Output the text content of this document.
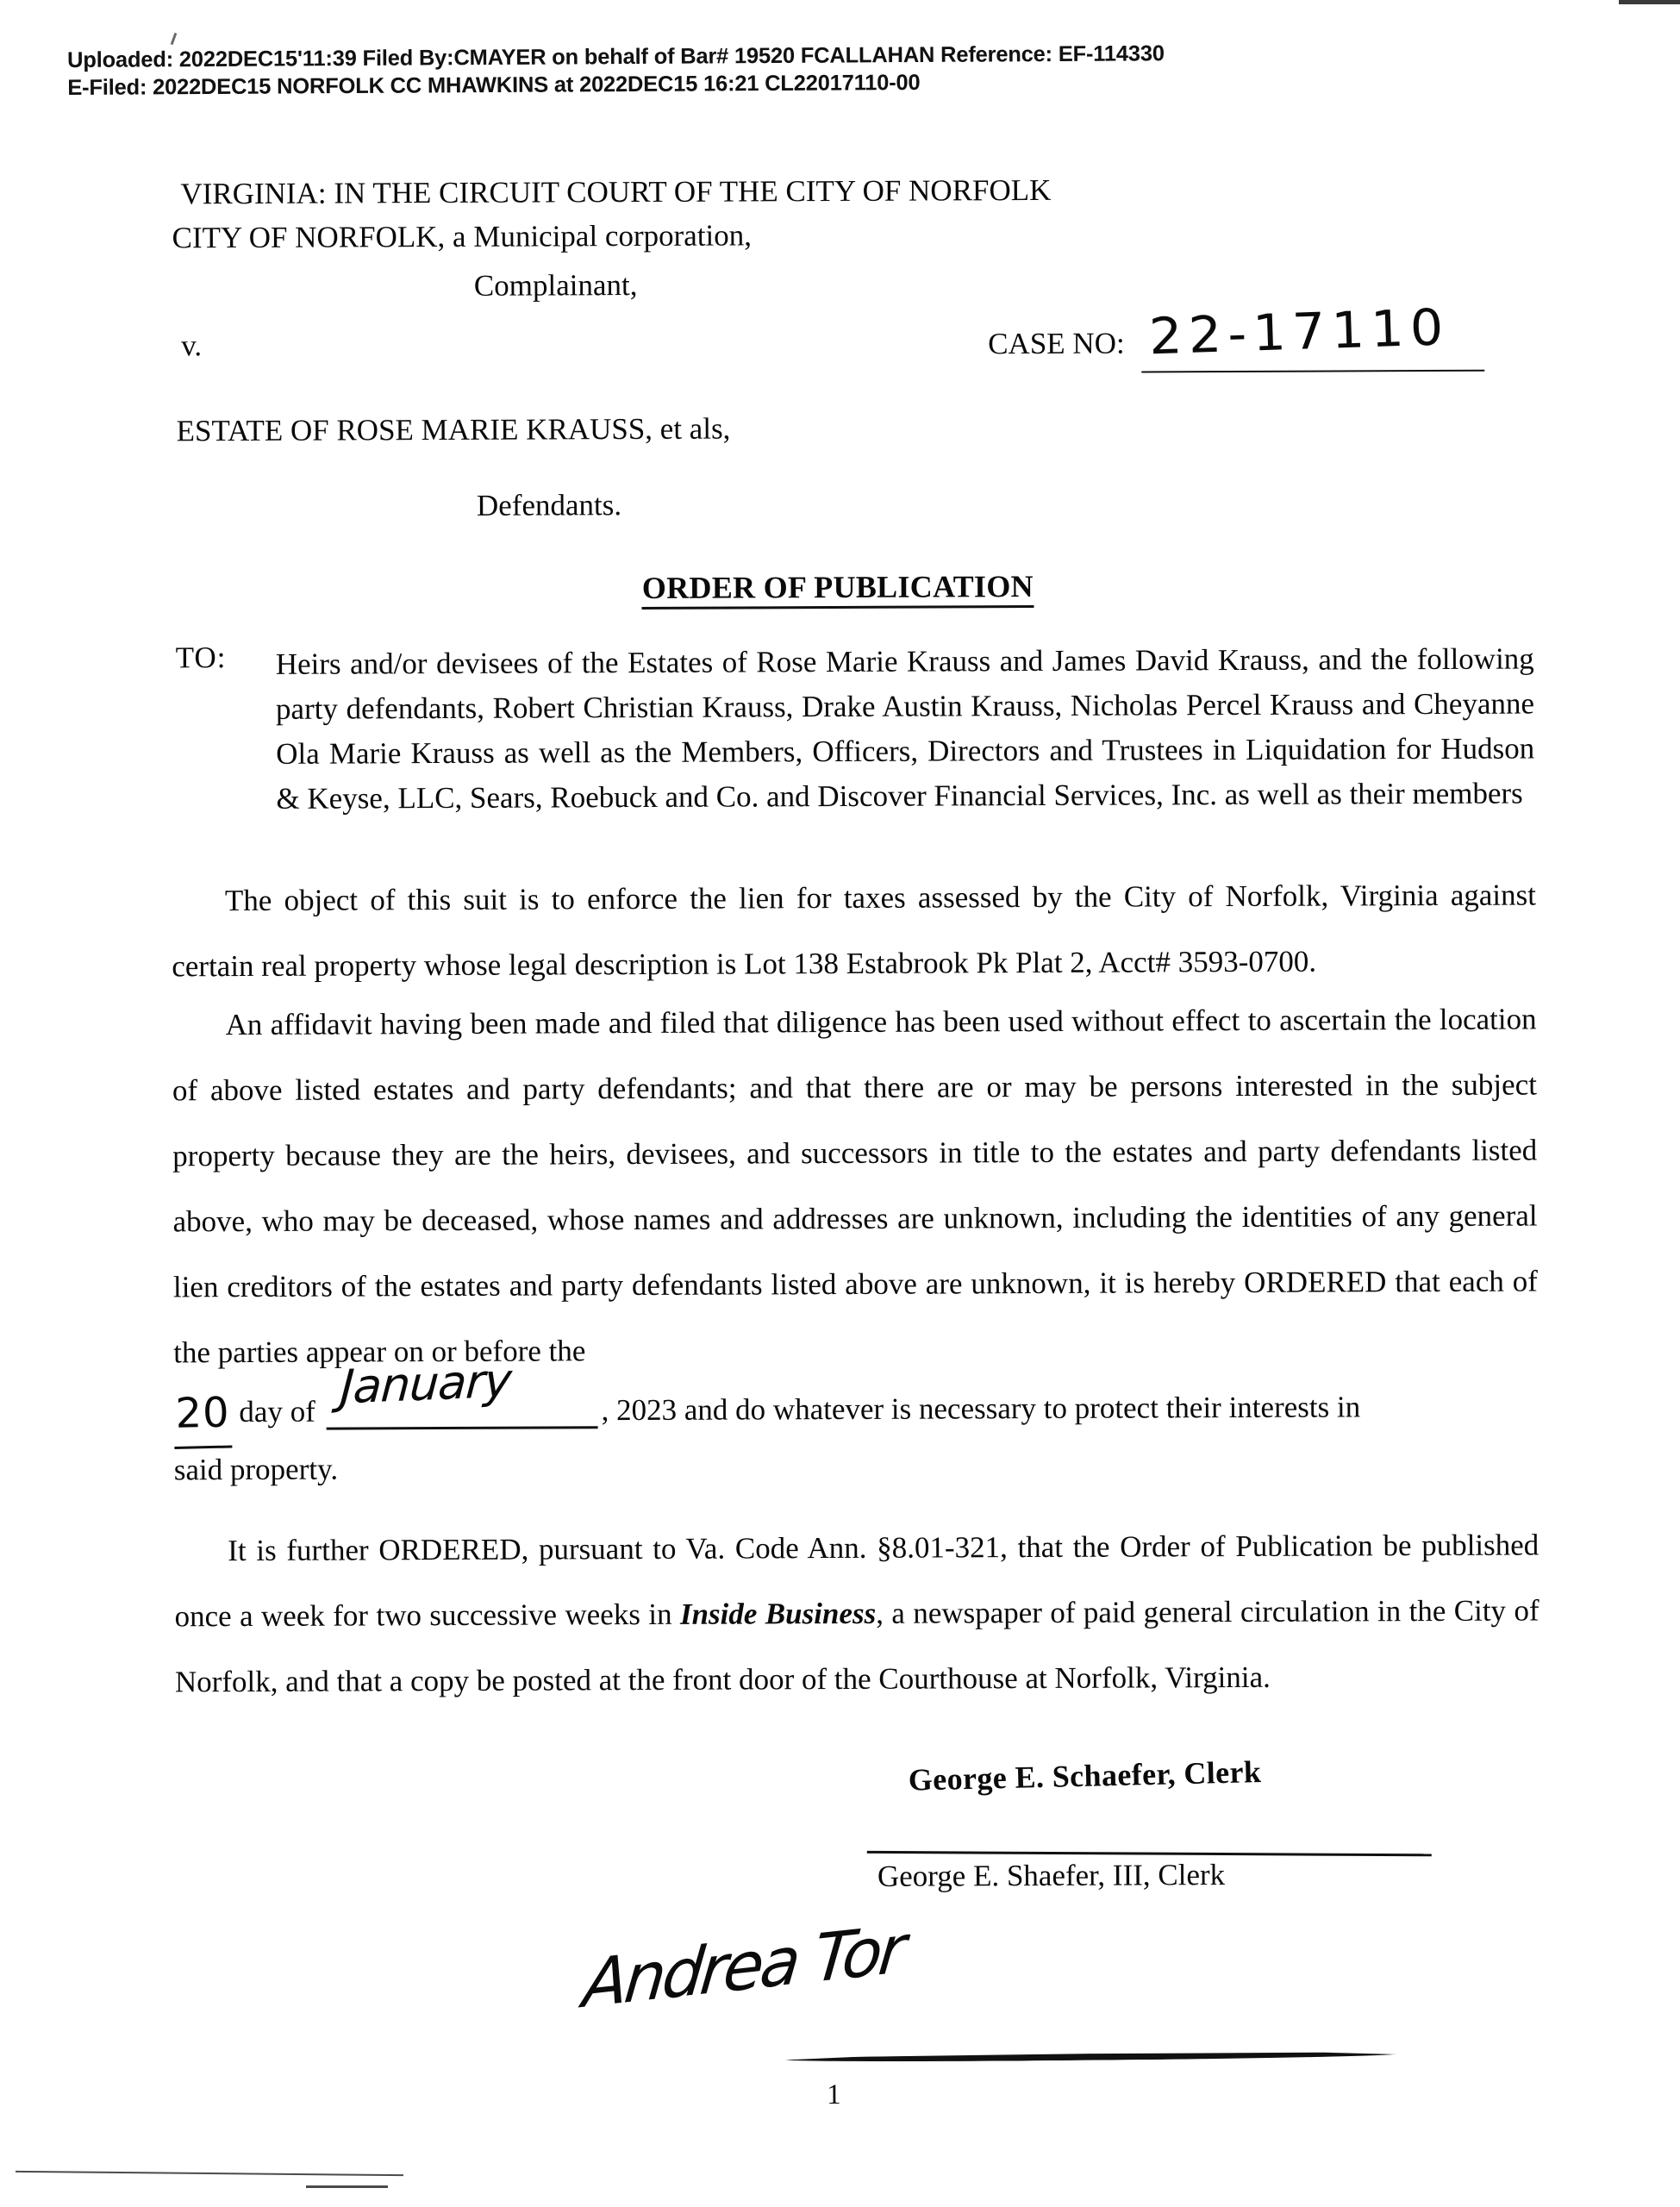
Uploaded: 2022DEC15'11:39 Filed By:CMAYER on behalf of Bar# 19520 FCALLAHAN Reference: EF-114330
E-Filed: 2022DEC15 NORFOLK CC MHAWKINS at 2022DEC15 16:21 CL22017110-00
VIRGINIA: IN THE CIRCUIT COURT OF THE CITY OF NORFOLK
CITY OF NORFOLK, a Municipal corporation,
Complainant,
v.	CASE NO: 22-17110
ESTATE OF ROSE MARIE KRAUSS, et als,
Defendants.
ORDER OF PUBLICATION
TO: Heirs and/or devisees of the Estates of Rose Marie Krauss and James David Krauss, and the following party defendants, Robert Christian Krauss, Drake Austin Krauss, Nicholas Percel Krauss and Cheyanne Ola Marie Krauss as well as the Members, Officers, Directors and Trustees in Liquidation for Hudson & Keyse, LLC, Sears, Roebuck and Co. and Discover Financial Services, Inc. as well as their members
The object of this suit is to enforce the lien for taxes assessed by the City of Norfolk, Virginia against certain real property whose legal description is Lot 138 Estabrook Pk Plat 2, Acct# 3593-0700.
An affidavit having been made and filed that diligence has been used without effect to ascertain the location of above listed estates and party defendants; and that there are or may be persons interested in the subject property because they are the heirs, devisees, and successors in title to the estates and party defendants listed above, who may be deceased, whose names and addresses are unknown, including the identities of any general lien creditors of the estates and party defendants listed above are unknown, it is hereby ORDERED that each of the parties appear on or before the
20 day of January	, 2023 and do whatever is necessary to protect their interests in
said property.
It is further ORDERED, pursuant to Va. Code Ann. §8.01-321, that the Order of Publication be published once a week for two successive weeks in Inside Business, a newspaper of paid general circulation in the City of Norfolk, and that a copy be posted at the front door of the Courthouse at Norfolk, Virginia.
George E. Schaefer, Clerk
George E. Shaefer, III, Clerk
Andrea Tor
1
